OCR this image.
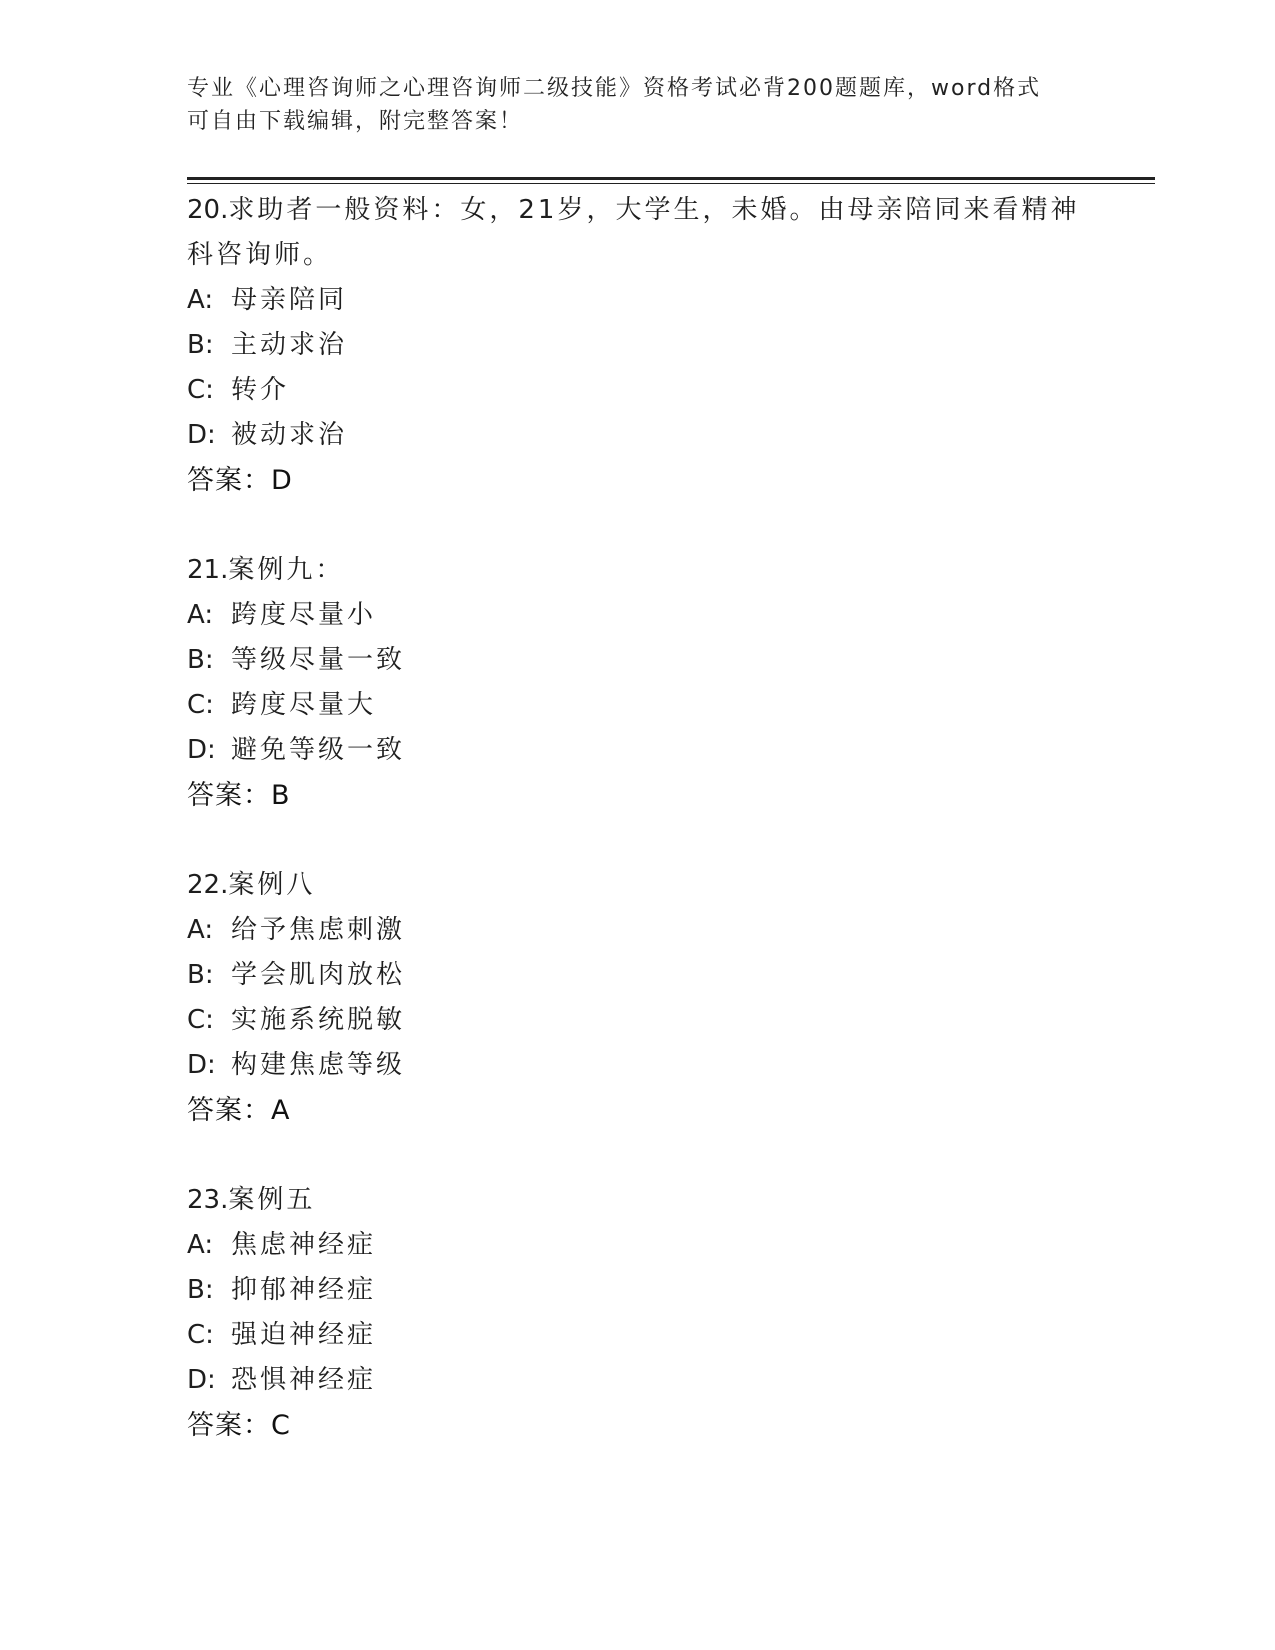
专业《心理咨询师之心理咨询师二级技能》资格考试必背200题题库，word格式
可自由下载编辑，附完整答案！
20.求助者一般资料：女，21岁，大学生，未婚。由母亲陪同来看精神科咨询师。
A: 母亲陪同
B: 主动求治
C: 转介
D: 被动求治
答案：D
21.案例九：
A: 跨度尽量小
B: 等级尽量一致
C: 跨度尽量大
D: 避免等级一致
答案：B
22.案例八
A: 给予焦虑刺激
B: 学会肌肉放松
C: 实施系统脱敏
D: 构建焦虑等级
答案：A
23.案例五
A: 焦虑神经症
B: 抑郁神经症
C: 强迫神经症
D: 恐惧神经症
答案：C
